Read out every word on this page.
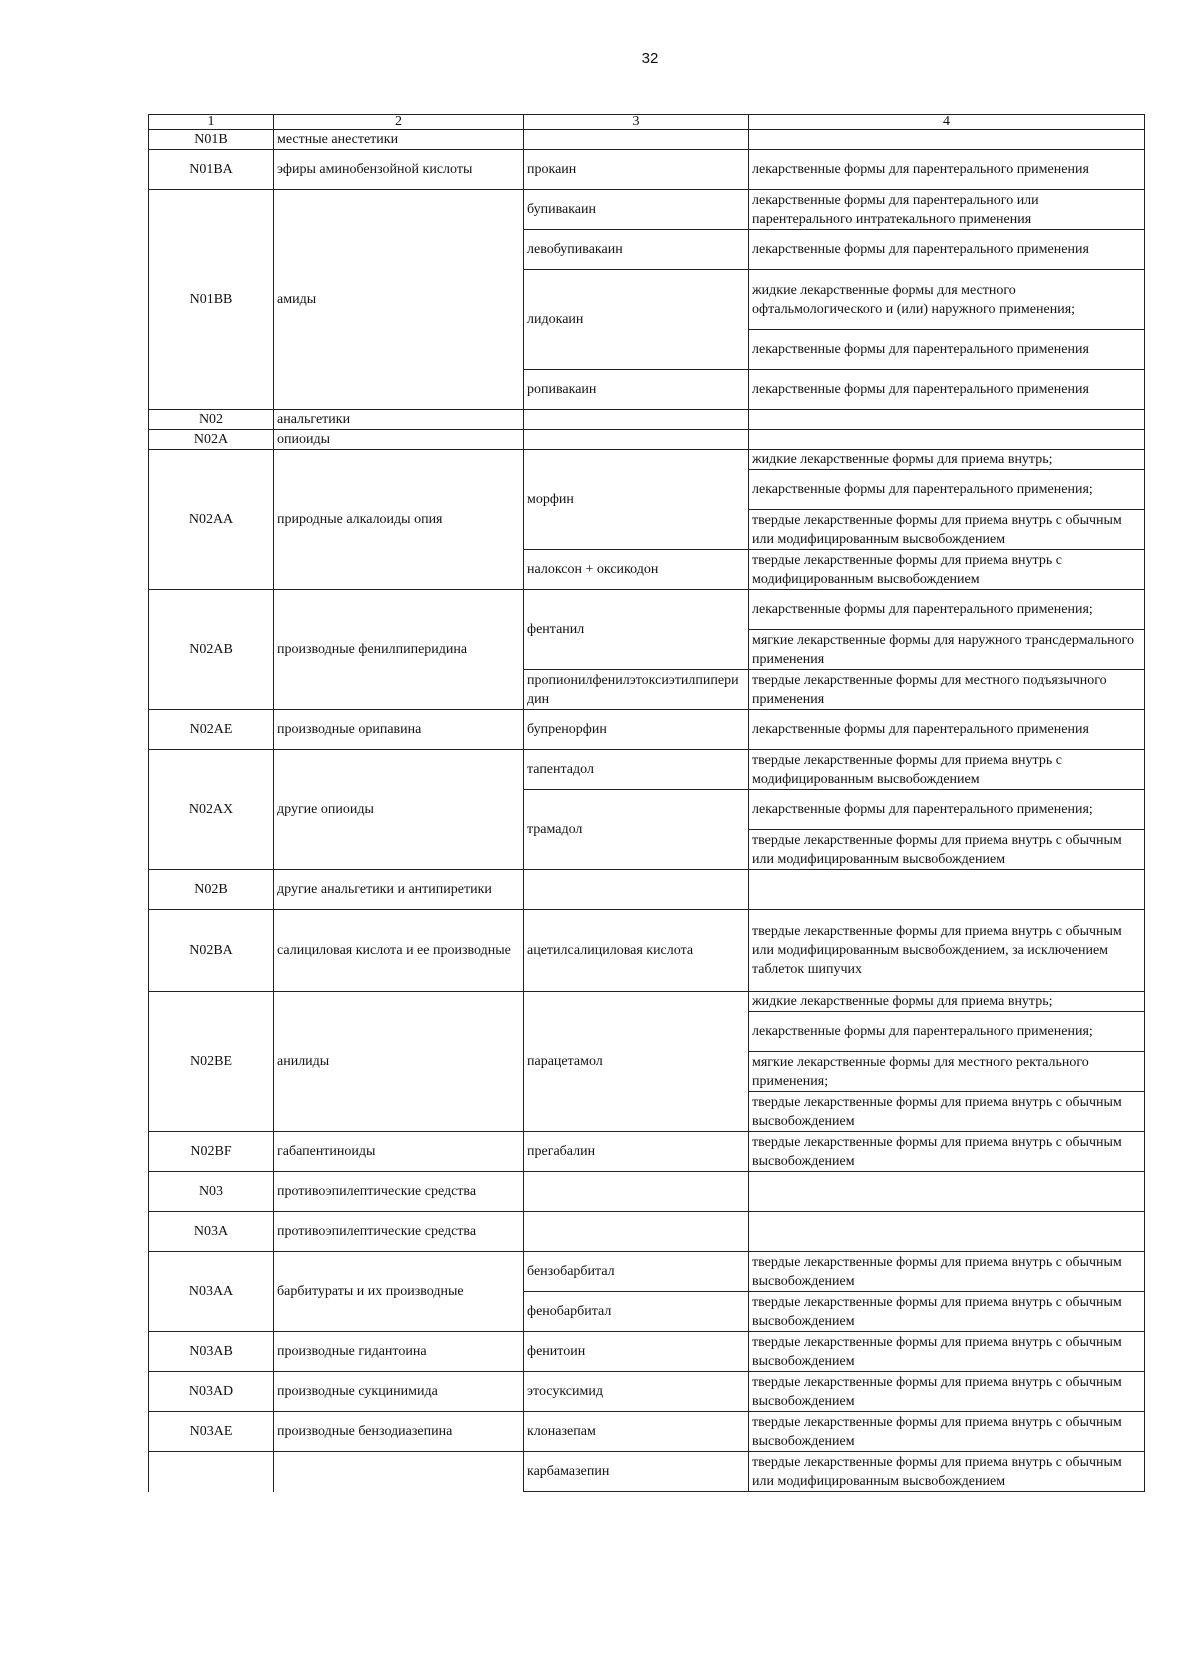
32
1	2	3	4
N01B	местные анестетики		
N01BA	эфиры аминобензойной кислоты	прокаин	лекарственные формы для парентерального применения
N01BB	амиды	бупивакаин	лекарственные формы для парентерального или парентерального интратекального применения
		левобупивакаин	лекарственные формы для парентерального применения
		лидокаин	жидкие лекарственные формы для местного офтальмологического и (или) наружного применения;
			лекарственные формы для парентерального применения
		ропивакаин	лекарственные формы для парентерального применения
N02	анальгетики		
N02A	опиоиды		
N02AA	природные алкалоиды опия	морфин	жидкие лекарственные формы для приема внутрь;
			лекарственные формы для парентерального применения;
			твердые лекарственные формы для приема внутрь с обычным или модифицированным высвобождением
		налоксон + оксикодон	твердые лекарственные формы для приема внутрь с модифицированным высвобождением
N02AB	производные фенилпиперидина	фентанил	лекарственные формы для парентерального применения;
			мягкие лекарственные формы для наружного трансдермального применения
		пропионилфенилэтоксиэтилпиперидин	твердые лекарственные формы для местного подъязычного применения
N02AE	производные орипавина	бупренорфин	лекарственные формы для парентерального применения
N02AX	другие опиоиды	тапентадол	твердые лекарственные формы для приема внутрь с модифицированным высвобождением
		трамадол	лекарственные формы для парентерального применения;
			твердые лекарственные формы для приема внутрь с обычным или модифицированным высвобождением
N02B	другие анальгетики и антипиретики		
N02BA	салициловая кислота и ее производные	ацетилсалициловая кислота	твердые лекарственные формы для приема внутрь с обычным или модифицированным высвобождением, за исключением таблеток шипучих
N02BE	анилиды	парацетамол	жидкие лекарственные формы для приема внутрь;
			лекарственные формы для парентерального применения;
			мягкие лекарственные формы для местного ректального применения;
			твердые лекарственные формы для приема внутрь с обычным высвобождением
N02BF	габапентиноиды	прегабалин	твердые лекарственные формы для приема внутрь с обычным высвобождением
N03	противоэпилептические средства		
N03A	противоэпилептические средства		
N03AA	барбитураты и их производные	бензобарбитал	твердые лекарственные формы для приема внутрь с обычным высвобождением
		фенобарбитал	твердые лекарственные формы для приема внутрь с обычным высвобождением
N03AB	производные гидантоина	фенитоин	твердые лекарственные формы для приема внутрь с обычным высвобождением
N03AD	производные сукцинимида	этосуксимид	твердые лекарственные формы для приема внутрь с обычным высвобождением
N03AE	производные бензодиазепина	клоназепам	твердые лекарственные формы для приема внутрь с обычным высвобождением
		карбамазепин	твердые лекарственные формы для приема внутрь с обычным или модифицированным высвобождением
